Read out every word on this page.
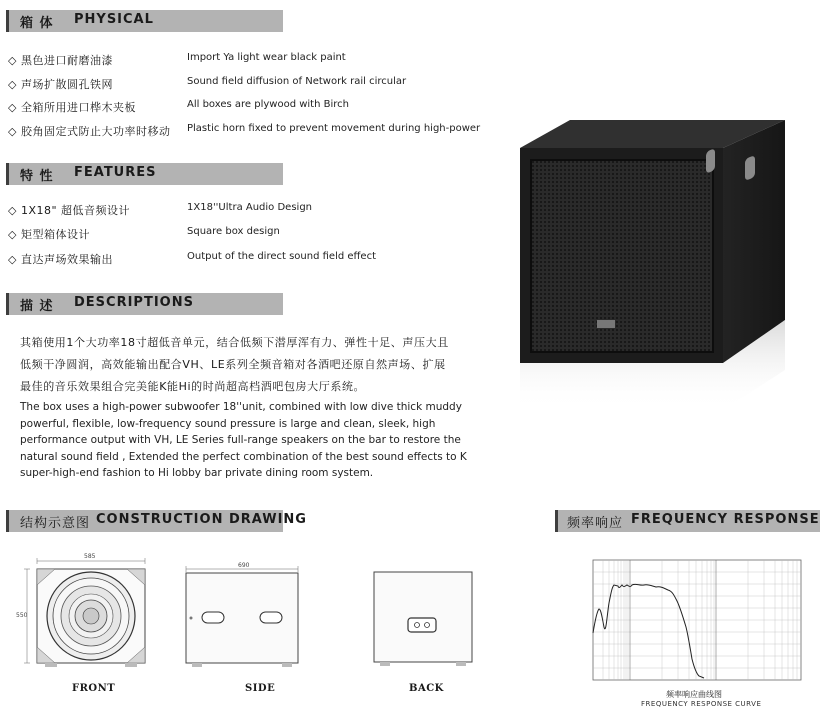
箱 体 PHYSICAL
◇ 黑色进口耐磨油漆	Import Ya light wear black paint
◇ 声场扩散圆孔铁网	Sound field diffusion of Network rail circular
◇ 全箱所用进口桦木夹板	All boxes are plywood with Birch
◇ 胶角固定式防止大功率时移动 Plastic horn fixed to prevent movement during high-power
特 性 FEATURES
◇ 1X18" 超低音频设计	1X18''Ultra Audio Design
◇ 矩型箱体设计	Square box design
◇ 直达声场效果输出	Output of the direct sound field effect
描 述 DESCRIPTIONS
其箱使用1个大功率18寸超低音单元，结合低频下潜厚浑有力、弹性十足、声压大且
低频干净圆润，高效能输出配合VH、LE系列全频音箱对各酒吧还原自然声场、扩展
最佳的音乐效果组合完美能K能Hi的时尚超高档酒吧包房大厅系统。
The box uses a high-power subwoofer 18''unit, combined with low dive thick muddy
powerful, flexible, low-frequency sound pressure is large and clean, sleek, high
performance output with VH, LE Series full-range speakers on the bar to restore the
natural sound field , Extended the perfect combination of the best sound effects to K
super-high-end fashion to Hi lobby bar private dining room system.
结构示意图 CONSTRUCTION DRAWING
585
550
FRONT
690
SIDE	BACK
频率响应 FREQUENCY RESPONSE
频率响应曲线图
FREQUENCY RESPONSE CURVE
